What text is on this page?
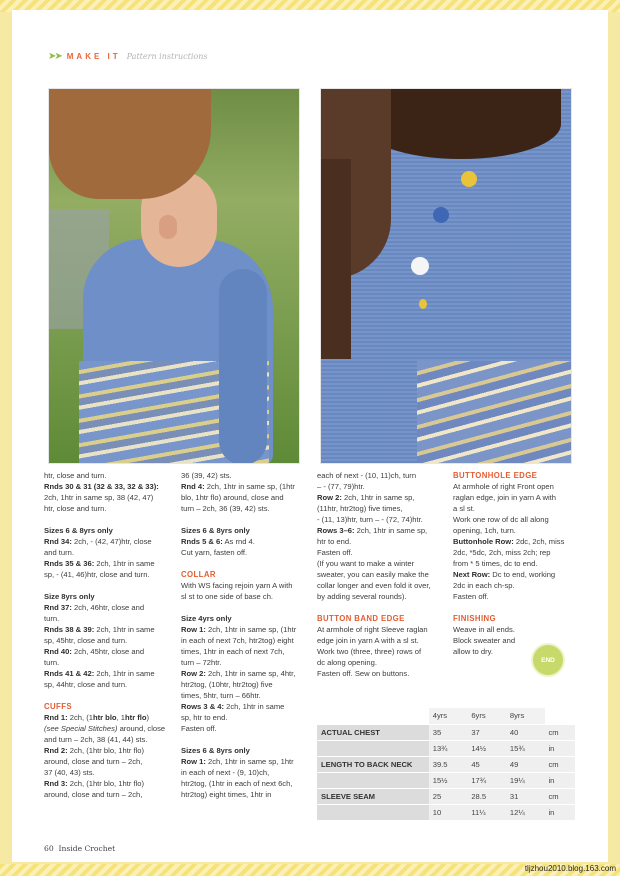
➤➤ MAKE IT Pattern instructions

htr, close and turn.

Rnds 30 & 31 (32 & 33, 32 & 33):

2ch, 1htr in same sp, 38 (42, 47)

htr, close and turn.

Sizes 6 & 8yrs only

Rnd 34: 2ch, - (42, 47)htr, close

and turn.

Rnds 35 & 36: 2ch, 1htr in same

sp, - (41, 46)htr, close and turn.

Size 8yrs only

Rnd 37: 2ch, 46htr, close and

turn.

Rnds 38 & 39: 2ch, 1htr in same

sp, 45htr, close and turn.

Rnd 40: 2ch, 45htr, close and

turn.

Rnds 41 & 42: 2ch, 1htr in same

sp, 44htr, close and turn.

CUFFS

Rnd 1: 2ch, (1htr blo, 1htr flo)

(see Special Stitches) around, close

and turn – 2ch, 38 (41, 44) sts.

Rnd 2: 2ch, (1htr blo, 1htr flo)

around, close and turn – 2ch,

37 (40, 43) sts.

Rnd 3: 2ch, (1htr blo, 1htr flo)

around, close and turn – 2ch,

36 (39, 42) sts.

Rnd 4: 2ch, 1htr in same sp, (1htr

blo, 1htr flo) around, close and

turn – 2ch, 36 (39, 42) sts.

Sizes 6 & 8yrs only

Rnds 5 & 6: As rnd 4.

Cut yarn, fasten off.

COLLAR

With WS facing rejoin yarn A with

sl st to one side of base ch.

Size 4yrs only

Row 1: 2ch, 1htr in same sp, (1htr

in each of next 7ch, htr2tog) eight

times, 1htr in each of next 7ch,

turn – 72htr.

Row 2: 2ch, 1htr in same sp, 4htr,

htr2tog, (10htr, htr2tog) five

times, 5htr, turn – 66htr.

Rows 3 & 4: 2ch, 1htr in same

sp, htr to end.

Fasten off.

Sizes 6 & 8yrs only

Row 1: 2ch, 1htr in same sp, 1htr

in each of next - (9, 10)ch,

htr2tog, (1htr in each of next 6ch,

htr2tog) eight times, 1htr in

each of next - (10, 11)ch, turn

– - (77, 79)htr.

Row 2: 2ch, 1htr in same sp,

(11htr, htr2tog) five times,

- (11, 13)htr, turn – - (72, 74)htr.

Rows 3–6: 2ch, 1htr in same sp,

htr to end.

Fasten off.

(If you want to make a winter

sweater, you can easily make the

collar longer and even fold it over,

by adding several rounds).

BUTTON BAND EDGE

At armhole of right Sleeve raglan

edge join in yarn A with a sl st.

Work two (three, three) rows of

dc along opening.

Fasten off. Sew on buttons.

BUTTONHOLE EDGE

At armhole of right Front open

raglan edge, join in yarn A with

a sl st.

Work one row of dc all along

opening, 1ch, turn.

Buttonhole Row: 2dc, 2ch, miss

2dc, *5dc, 2ch, miss 2ch; rep

from * 5 times, dc to end.

Next Row: Dc to end, working

2dc in each ch-sp.

Fasten off.

FINISHING

Weave in all ends.

Block sweater and

allow to dry.

END
	4yrs	6yrs	8yrs	
ACTUAL CHEST	35	37	40	cm
	13¾	14½	15¾	in
LENGTH TO BACK NECK	39.5	45	49	cm
	15½	17¾	19¼	in
SLEEVE SEAM	25	28.5	31	cm
	10	11¼	12¼	in
60 Inside Crochet
tljzhou2010.blog.163.com
